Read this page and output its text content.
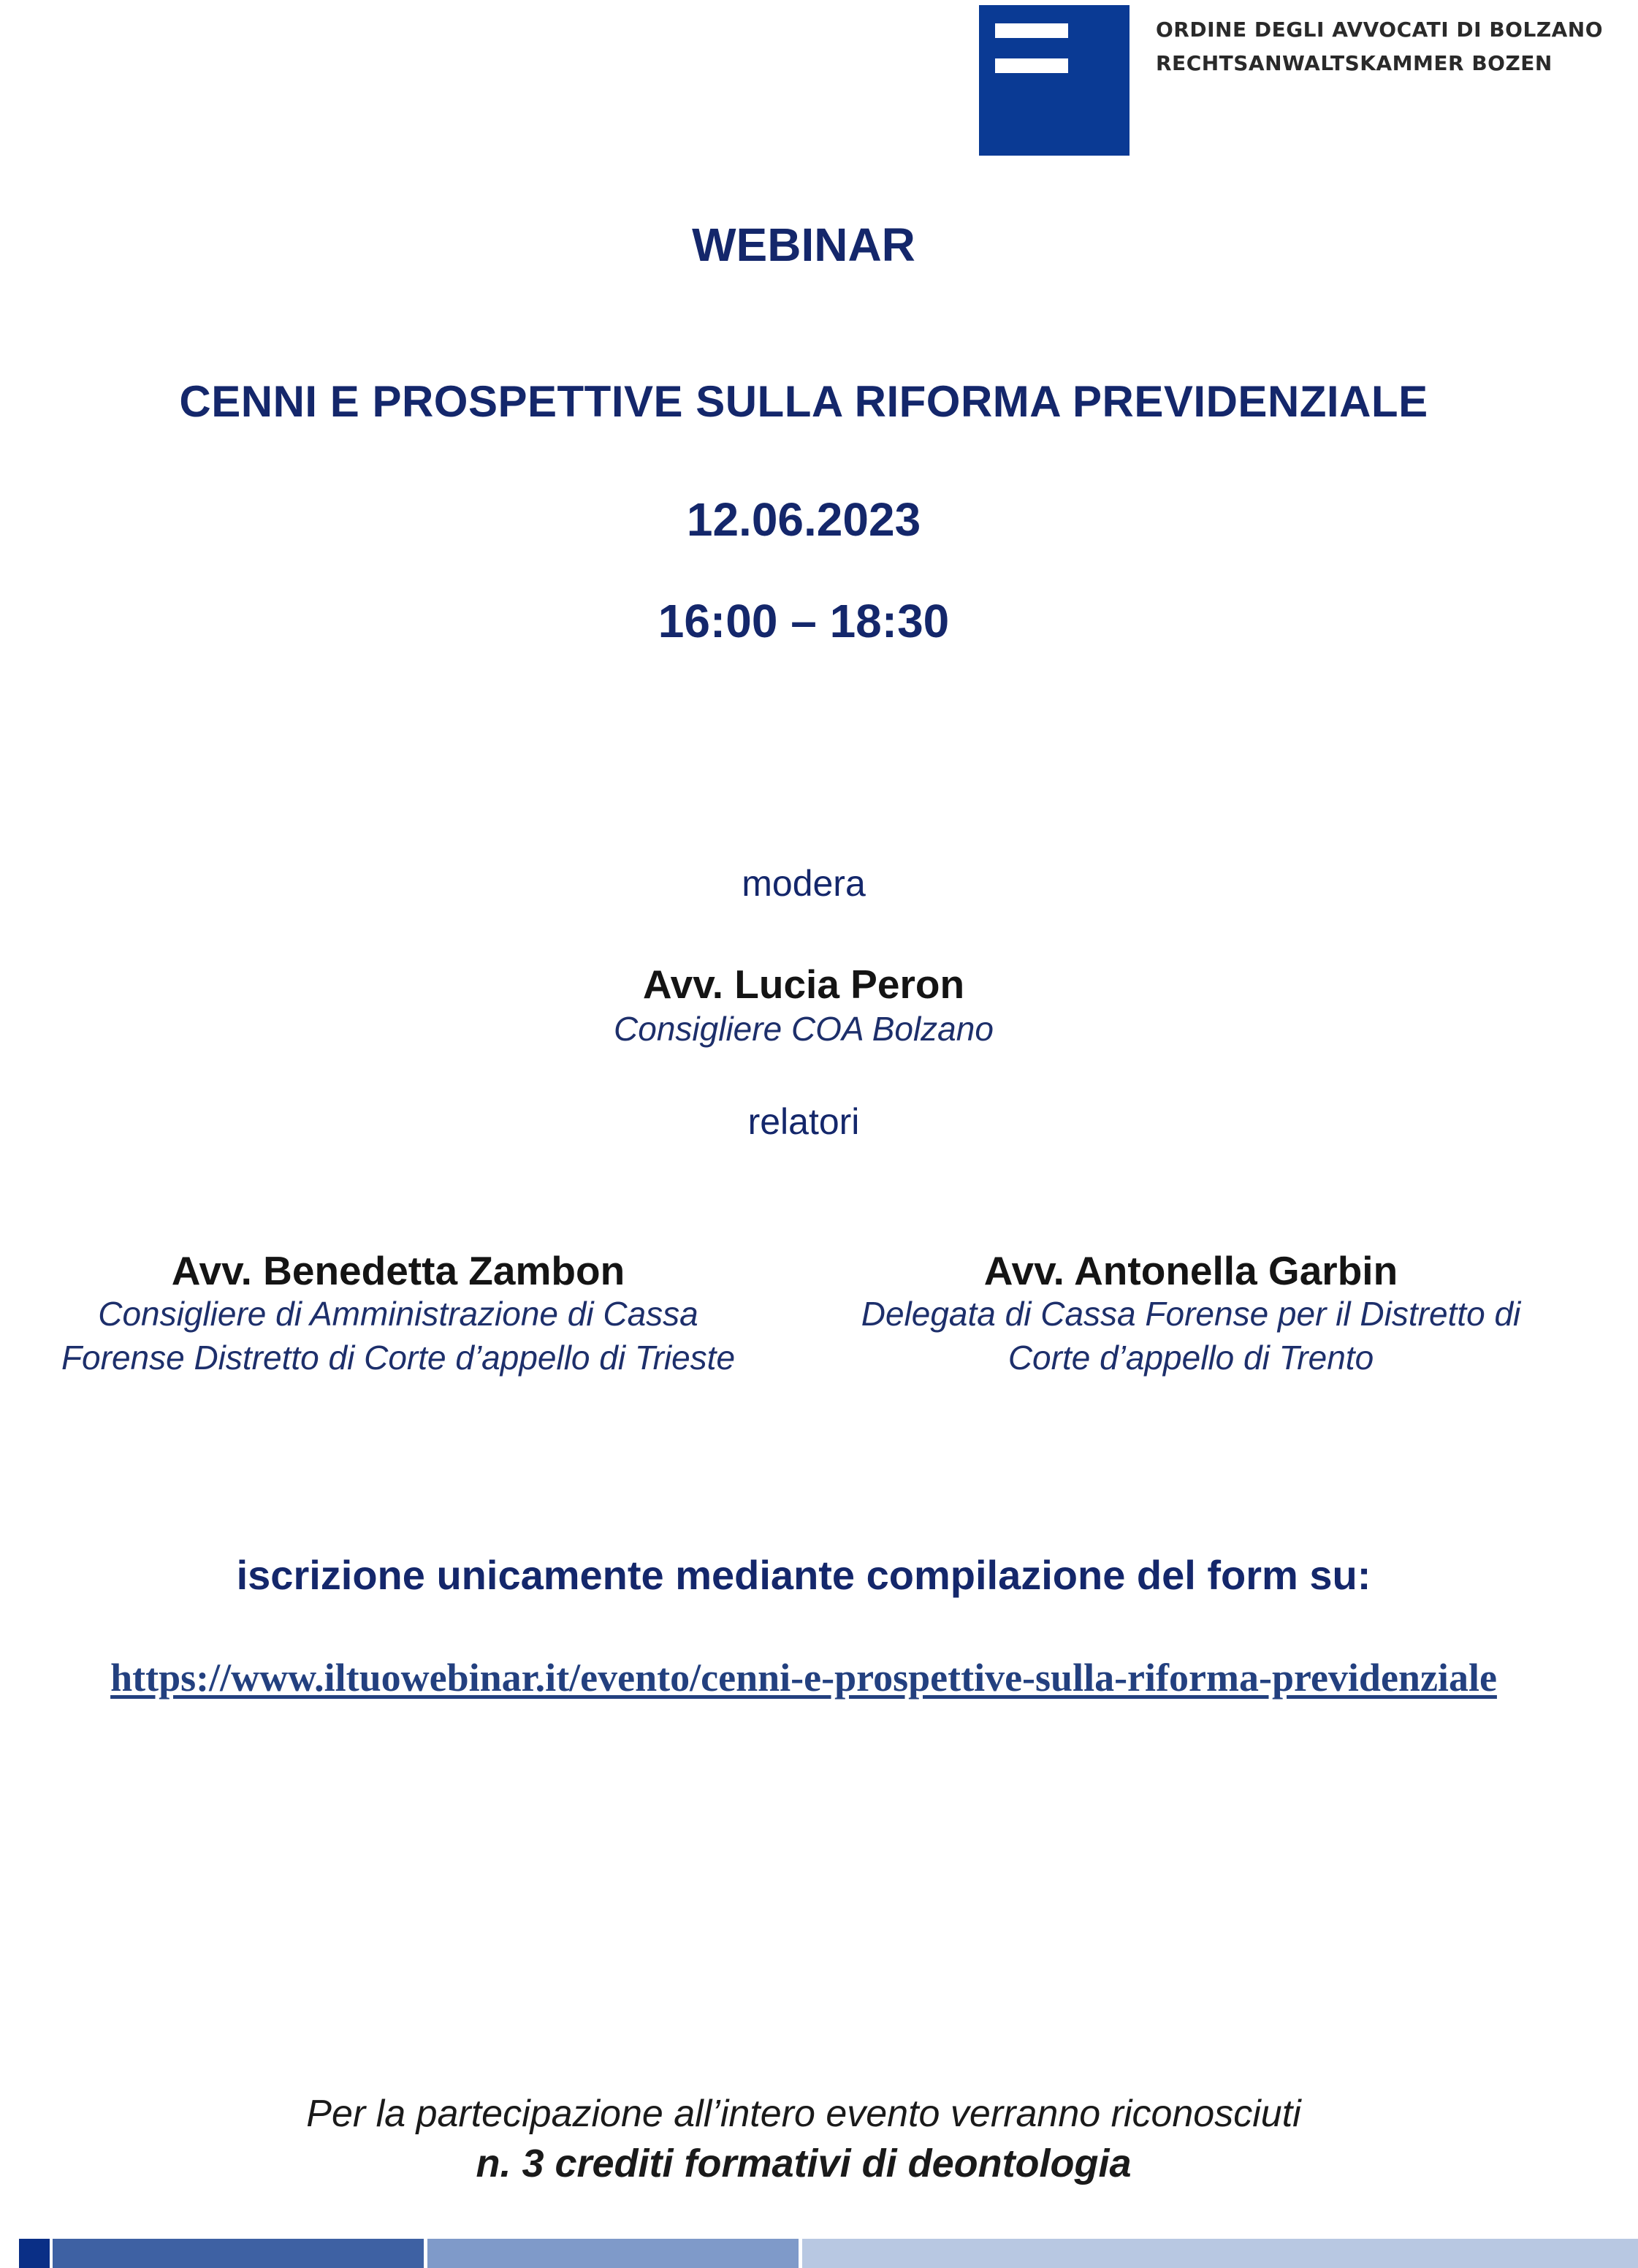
ORDINE DEGLI AVVOCATI DI BOLZANO
RECHTSANWALTSKAMMER BOZEN
WEBINAR
CENNI E PROSPETTIVE SULLA RIFORMA PREVIDENZIALE
12.06.2023
16:00 – 18:30
modera
Avv. Lucia Peron
Consigliere COA Bolzano
relatori
Avv. Benedetta Zambon
Consigliere di Amministrazione di Cassa
Forense Distretto di Corte d’appello di Trieste
Avv. Antonella Garbin
Delegata di Cassa Forense per il Distretto di
Corte d’appello di Trento
iscrizione unicamente mediante compilazione del form su:
https://www.iltuowebinar.it/evento/cenni-e-prospettive-sulla-riforma-previdenziale
Per la partecipazione all’intero evento verranno riconosciuti
n. 3 crediti formativi di deontologia
